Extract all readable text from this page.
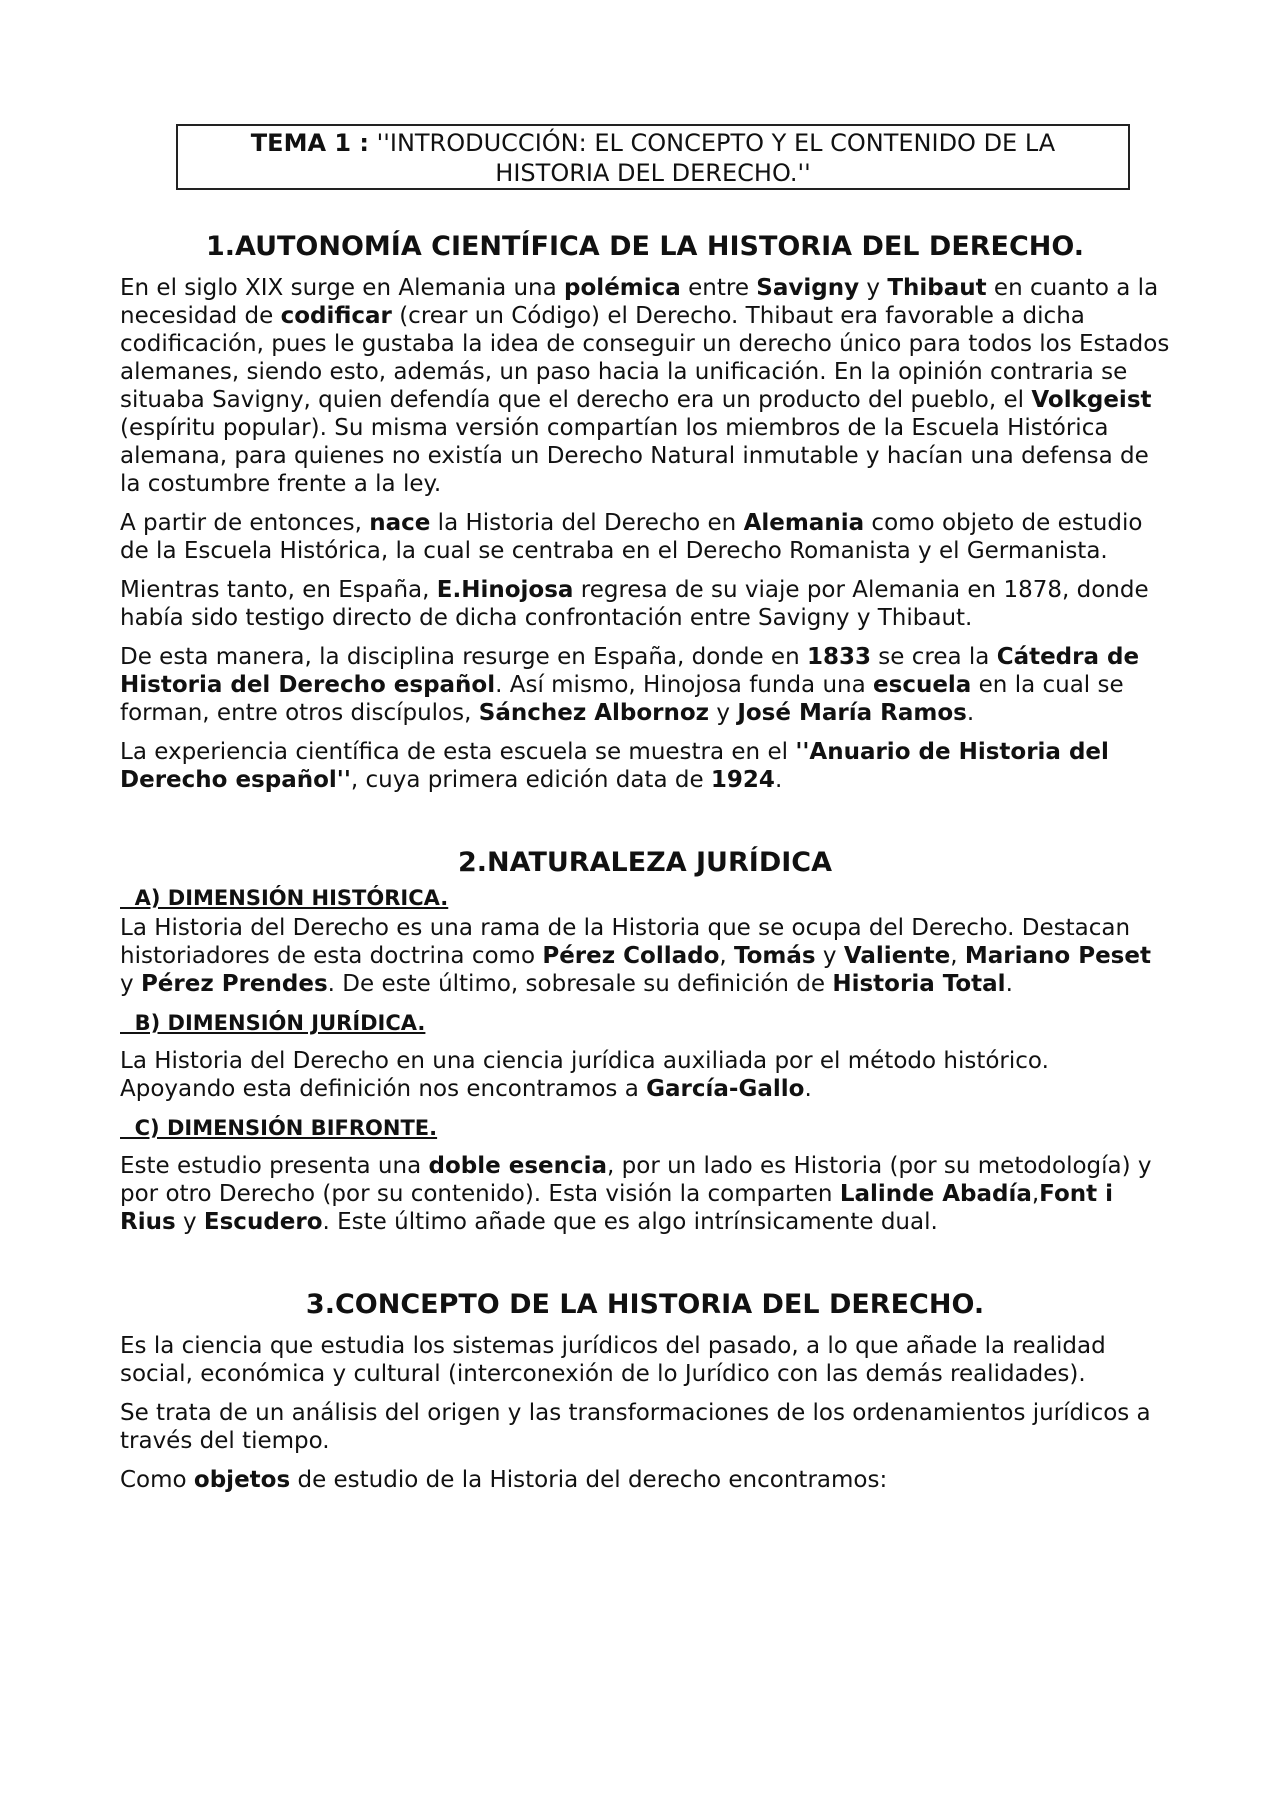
TEMA 1 : ''INTRODUCCIÓN: EL CONCEPTO Y EL CONTENIDO DE LA
HISTORIA DEL DERECHO.''
1.AUTONOMÍA CIENTÍFICA DE LA HISTORIA DEL DERECHO.

En el siglo XIX surge en Alemania una polémica entre Savigny y Thibaut en cuanto a la necesidad de codificar (crear un Código) el Derecho. Thibaut era favorable a dicha codificación, pues le gustaba la idea de conseguir un derecho único para todos los Estados alemanes, siendo esto, además, un paso hacia la unificación. En la opinión contraria se situaba Savigny, quien defendía que el derecho era un producto del pueblo, el Volkgeist (espíritu popular). Su misma versión compartían los miembros de la Escuela Histórica alemana, para quienes no existía un Derecho Natural inmutable y hacían una defensa de la costumbre frente a la ley.

A partir de entonces, nace la Historia del Derecho en Alemania como objeto de estudio de la Escuela Histórica, la cual se centraba en el Derecho Romanista y el Germanista.

Mientras tanto, en España, E.Hinojosa regresa de su viaje por Alemania en 1878, donde había sido testigo directo de dicha confrontación entre Savigny y Thibaut.

De esta manera, la disciplina resurge en España, donde en 1833 se crea la Cátedra de Historia del Derecho español. Así mismo, Hinojosa funda una escuela en la cual se forman, entre otros discípulos, Sánchez Albornoz y José María Ramos.

La experiencia científica de esta escuela se muestra en el ''Anuario de Historia del Derecho español'', cuya primera edición data de 1924.

2.NATURALEZA JURÍDICA
A) DIMENSIÓN HISTÓRICA.

La Historia del Derecho es una rama de la Historia que se ocupa del Derecho. Destacan historiadores de esta doctrina como Pérez Collado, Tomás y Valiente, Mariano Peset y Pérez Prendes. De este último, sobresale su definición de Historia Total.

B) DIMENSIÓN JURÍDICA.

La Historia del Derecho en una ciencia jurídica auxiliada por el método histórico. Apoyando esta definición nos encontramos a García-Gallo.

C) DIMENSIÓN BIFRONTE.

Este estudio presenta una doble esencia, por un lado es Historia (por su metodología) y por otro Derecho (por su contenido). Esta visión la comparten Lalinde Abadía,Font i Rius y Escudero. Este último añade que es algo intrínsicamente dual.

3.CONCEPTO DE LA HISTORIA DEL DERECHO.

Es la ciencia que estudia los sistemas jurídicos del pasado, a lo que añade la realidad social, económica y cultural (interconexión de lo Jurídico con las demás realidades).

Se trata de un análisis del origen y las transformaciones de los ordenamientos jurídicos a través del tiempo.

Como objetos de estudio de la Historia del derecho encontramos:
